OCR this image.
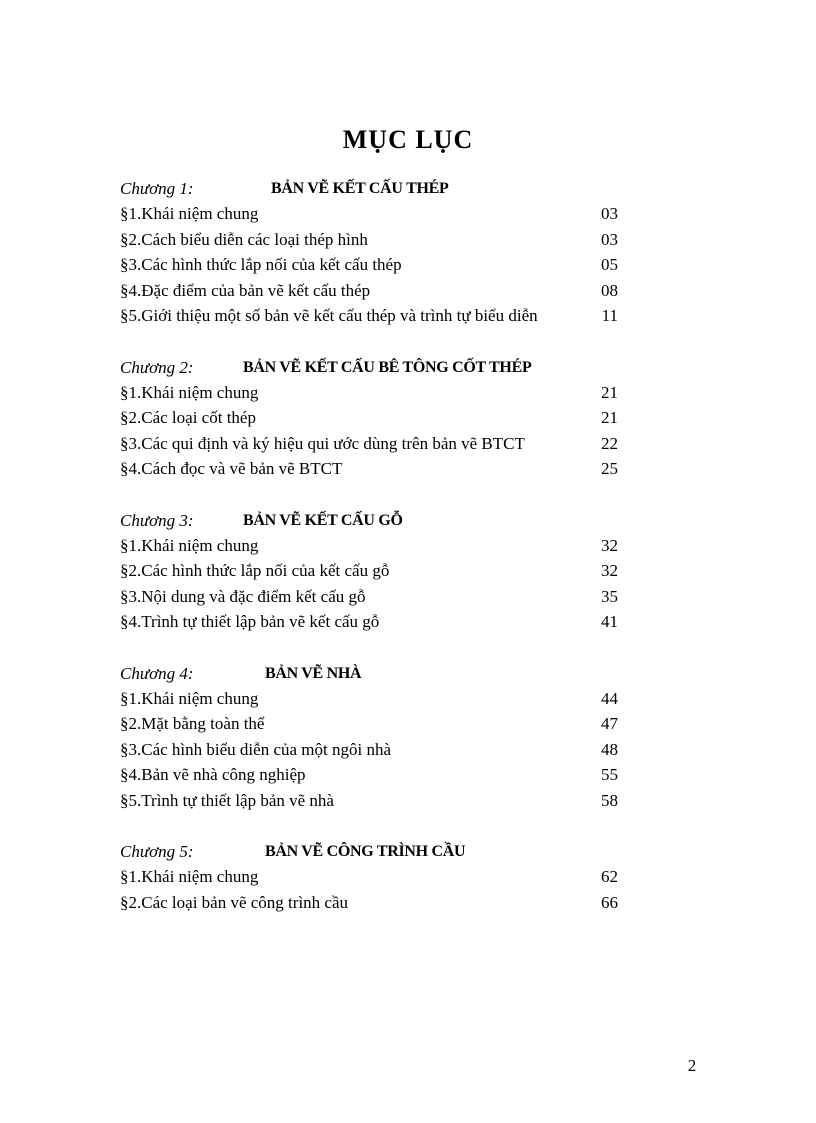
MỤC LỤC
Chương 1:	BẢN VẼ KẾT CẤU THÉP
§1.Khái niệm chung	03
§2.Cách biểu diễn các loại thép hình	03
§3.Các hình thức lắp nối của kết cấu thép	05
§4.Đặc điểm của bản vẽ kết cấu thép	08
§5.Giới thiệu một số bản vẽ kết cấu thép và trình tự biểu diễn	11
Chương 2:	BẢN VẼ KẾT CẤU BÊ TÔNG CỐT THÉP
§1.Khái niệm chung	21
§2.Các loại cốt thép	21
§3.Các qui định và ký hiệu qui ước dùng trên bản vẽ BTCT	22
§4.Cách đọc và vẽ bản vẽ BTCT	25
Chương 3:	BẢN VẼ KẾT CẤU GỖ
§1.Khái niệm chung	32
§2.Các hình thức lắp nối của kết cấu gỗ	32
§3.Nội dung và đặc điểm kết cấu gỗ	35
§4.Trình tự thiết lập bản vẽ kết cấu gỗ	41
Chương 4:	BẢN VẼ NHÀ
§1.Khái niệm chung	44
§2.Mặt bằng toàn thể	47
§3.Các hình biểu diễn của một ngôi nhà	48
§4.Bản vẽ nhà công nghiệp	55
§5.Trình tự thiết lập bản vẽ nhà	58
Chương 5:	BẢN VẼ CÔNG TRÌNH CẦU
§1.Khái niệm chung	62
§2.Các loại bản vẽ công trình cầu	66
2
